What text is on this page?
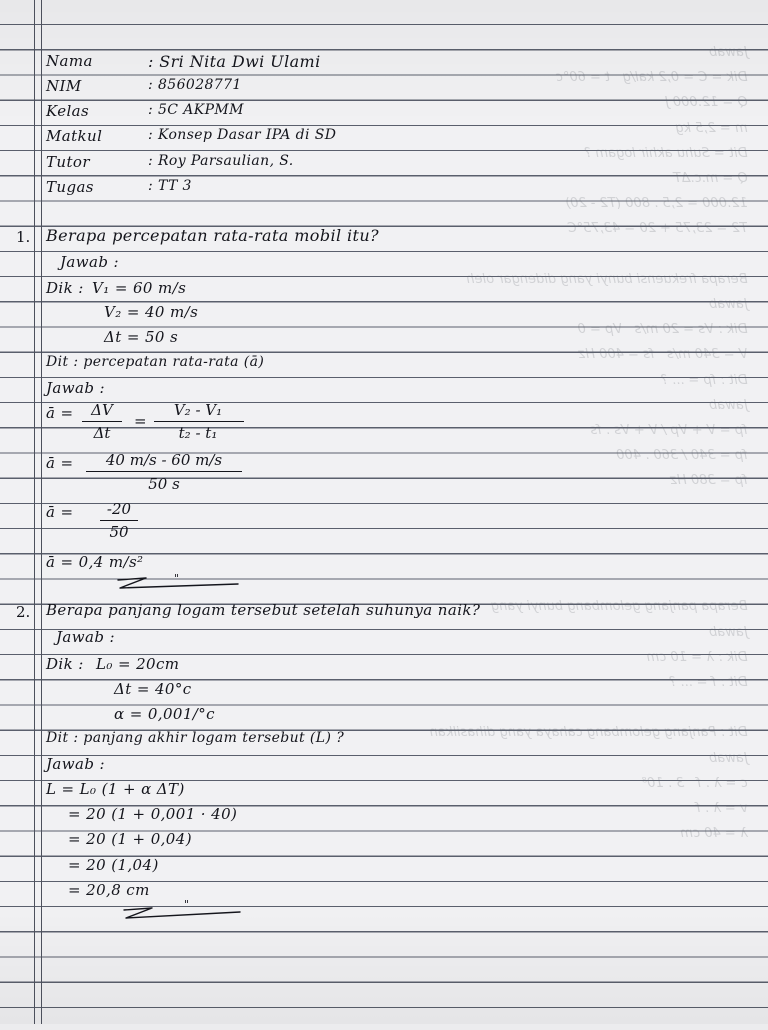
Jawab
Dik = C = 0,2 kal/g   t = 60°c
Q = 12.000 J
m = 2,5 kg
Dit = Suhu akhir logam ?
Q = m.c.ΔT
12.000 = 2,5 . 800 (T2 - 20)
T2 = 23,75 + 20 = 43,75°C

Berapa frekuensi bunyi yang didengar oleh
Jawab
Dik : Vs = 20 m/s   Vp = 0
V = 340 m/s   fs = 400 Hz
Dit : fp = ... ?
Jawab
fp = V + Vp / V + Vs . fs
fp = 340 / 360 . 400
fp = 380 Hz

Berapa panjang gelombang bunyi yang
Jawab
Dik : λ = 10 cm
Dit : f = ... ?

Dit : Panjang gelombang cahaya yang dihasilkan
Jawab
c = λ . f   3 . 10⁸
v = λ . f
λ = 40 cm
Nama	: Sri Nita Dwi Ulami
NIM	: 856028771
Kelas	: 5C AKPMM
Matkul	: Konsep Dasar IPA di SD
Tutor	: Roy Parsaulian, S.
Tugas	: TT 3
1. Berapa percepatan rata-rata mobil itu?
Jawab :
Dik : V₁ = 60 m/s
V₂ = 40 m/s
Δt = 50 s
Dit : percepatan rata-rata (ā)
Jawab :
ā =	ΔV
Δt
=
V₂ - V₁
t₂ - t₁
ā =	40 m/s - 60 m/s
50 s
ā =	-20
50
ā = 0,4 m/s²
"
2. Berapa panjang logam tersebut setelah suhunya naik?
Jawab :
Dik : L₀ = 20cm
Δt = 40°c
α = 0,001/°c
Dit : panjang akhir logam tersebut (L) ?
Jawab :
L = L₀ (1 + α ΔT)
= 20 (1 + 0,001 · 40)
= 20 (1 + 0,04)
= 20 (1,04)
= 20,8 cm
"
